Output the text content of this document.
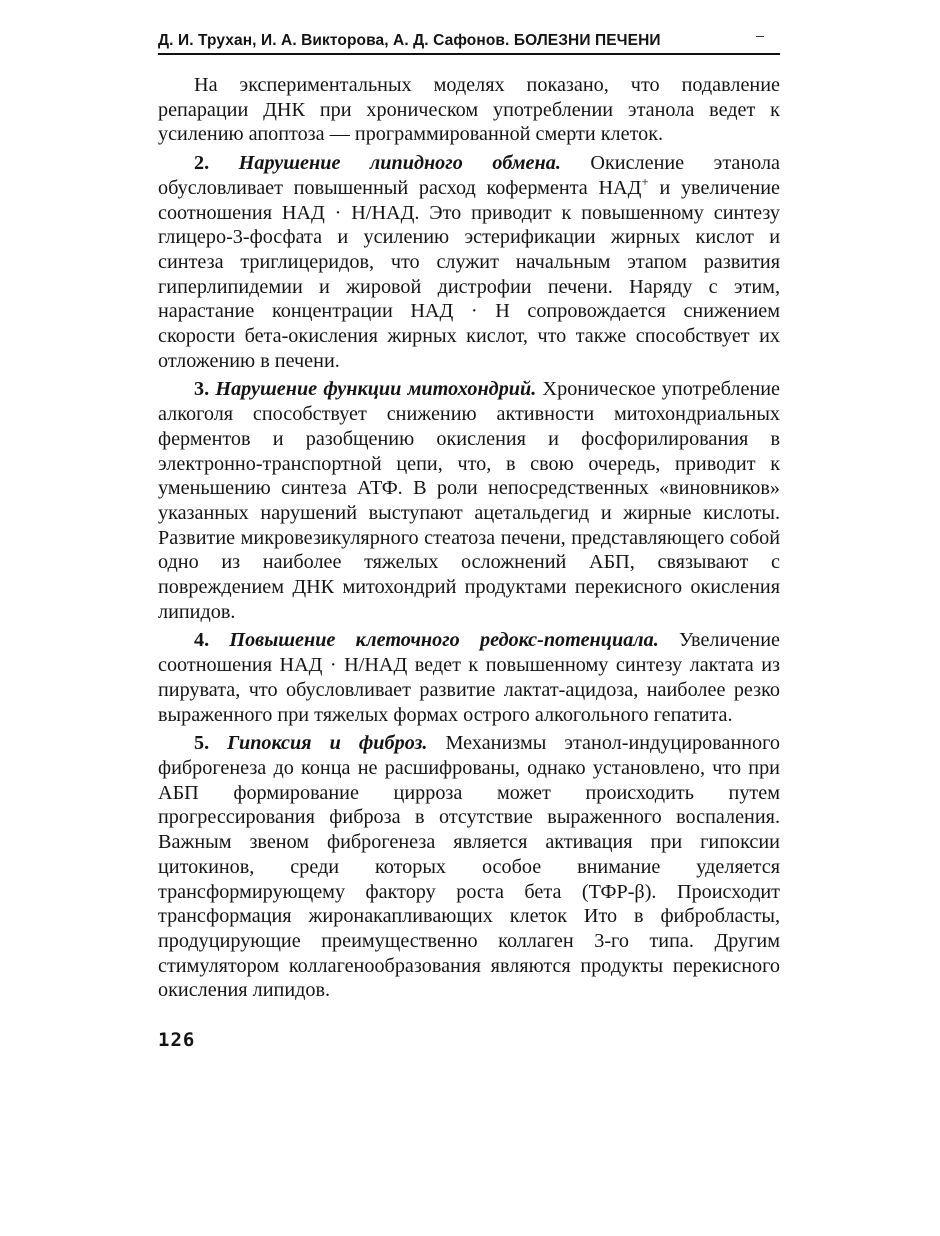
Д. И. Трухан, И. А. Викторова, А. Д. Сафонов. БОЛЕЗНИ ПЕЧЕНИ

На экспериментальных моделях показано, что подавление репарации ДНК при хроническом употреблении этанола ведет к усилению апоптоза — программированной смерти клеток.

2. Нарушение липидного обмена. Окисление этанола обусловливает повышенный расход кофермента НАД+ и увеличение соотношения НАД · Н/НАД. Это приводит к повышенному синтезу глицеро-3-фосфата и усилению эстерификации жирных кислот и синтеза триглицеридов, что служит начальным этапом развития гиперлипидемии и жировой дистрофии печени. Наряду с этим, нарастание концентрации НАД · Н сопровождается снижением скорости бета-окисления жирных кислот, что также способствует их отложению в печени.

3. Нарушение функции митохондрий. Хроническое употребление алкоголя способствует снижению активности митохондриальных ферментов и разобщению окисления и фосфорилирования в электронно-транспортной цепи, что, в свою очередь, приводит к уменьшению синтеза АТФ. В роли непосредственных «виновников» указанных нарушений выступают ацетальдегид и жирные кислоты. Развитие микровезикулярного стеатоза печени, представляющего собой одно из наиболее тяжелых осложнений АБП, связывают с повреждением ДНК митохондрий продуктами перекисного окисления липидов.

4. Повышение клеточного редокс-потенциала. Увеличение соотношения НАД · Н/НАД ведет к повышенному синтезу лактата из пирувата, что обусловливает развитие лактат-ацидоза, наиболее резко выраженного при тяжелых формах острого алкогольного гепатита.

5. Гипоксия и фиброз. Механизмы этанол-индуцированного фиброгенеза до конца не расшифрованы, однако установлено, что при АБП формирование цирроза может происходить путем прогрессирования фиброза в отсутствие выраженного воспаления. Важным звеном фиброгенеза является активация при гипоксии цитокинов, среди которых особое внимание уделяется трансформирующему фактору роста бета (ТФР-β). Происходит трансформация жиронакапливающих клеток Ито в фибробласты, продуцирующие преимущественно коллаген 3-го типа. Другим стимулятором коллагенообразования являются продукты перекисного окисления липидов.

126
